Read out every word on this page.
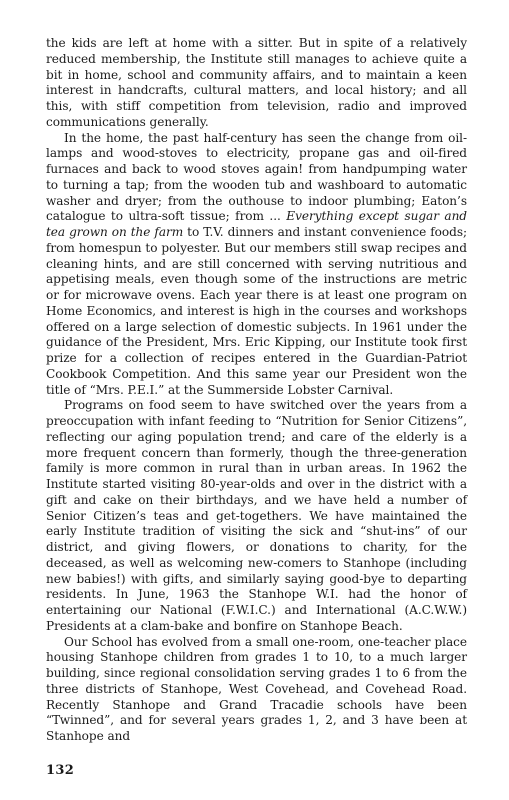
the kids are left at home with a sitter. But in spite of a relatively reduced membership, the Institute still manages to achieve quite a bit in home, school and community affairs, and to maintain a keen interest in handcrafts, cultural matters, and local history; and all this, with stiff competition from television, radio and improved communications generally.

In the home, the past half-century has seen the change from oil-lamps and wood-stoves to electricity, propane gas and oil-fired furnaces and back to wood stoves again! from handpumping water to turning a tap; from the wooden tub and washboard to automatic washer and dryer; from the outhouse to indoor plumbing; Eaton’s catalogue to ultra-soft tissue; from ... Everything except sugar and tea grown on the farm to T.V. dinners and instant convenience foods; from homespun to polyester. But our members still swap recipes and cleaning hints, and are still concerned with serving nutritious and appetising meals, even though some of the instructions are metric or for microwave ovens. Each year there is at least one program on Home Economics, and interest is high in the courses and workshops offered on a large selection of domestic subjects. In 1961 under the guidance of the President, Mrs. Eric Kipping, our Institute took first prize for a collection of recipes entered in the Guardian-Patriot Cookbook Competition. And this same year our President won the title of “Mrs. P.E.I.” at the Summerside Lobster Carnival.

Programs on food seem to have switched over the years from a preoccupation with infant feeding to “Nutrition for Senior Citizens”, reflecting our aging population trend; and care of the elderly is a more frequent concern than formerly, though the three-generation family is more common in rural than in urban areas. In 1962 the Institute started visiting 80-year-olds and over in the district with a gift and cake on their birthdays, and we have held a number of Senior Citizen’s teas and get-togethers. We have maintained the early Institute tradition of visiting the sick and “shut-ins” of our district, and giving flowers, or donations to charity, for the deceased, as well as welcoming new-comers to Stanhope (including new babies!) with gifts, and similarly saying good-bye to departing residents. In June, 1963 the Stanhope W.I. had the honor of entertaining our National (F.W.I.C.) and International (A.C.W.W.) Presidents at a clam-bake and bonfire on Stanhope Beach.

Our School has evolved from a small one-room, one-teacher place housing Stanhope children from grades 1 to 10, to a much larger building, since regional consolidation serving grades 1 to 6 from the three districts of Stanhope, West Covehead, and Covehead Road. Recently Stanhope and Grand Tracadie schools have been “Twinned”, and for several years grades 1, 2, and 3 have been at Stanhope and

132
